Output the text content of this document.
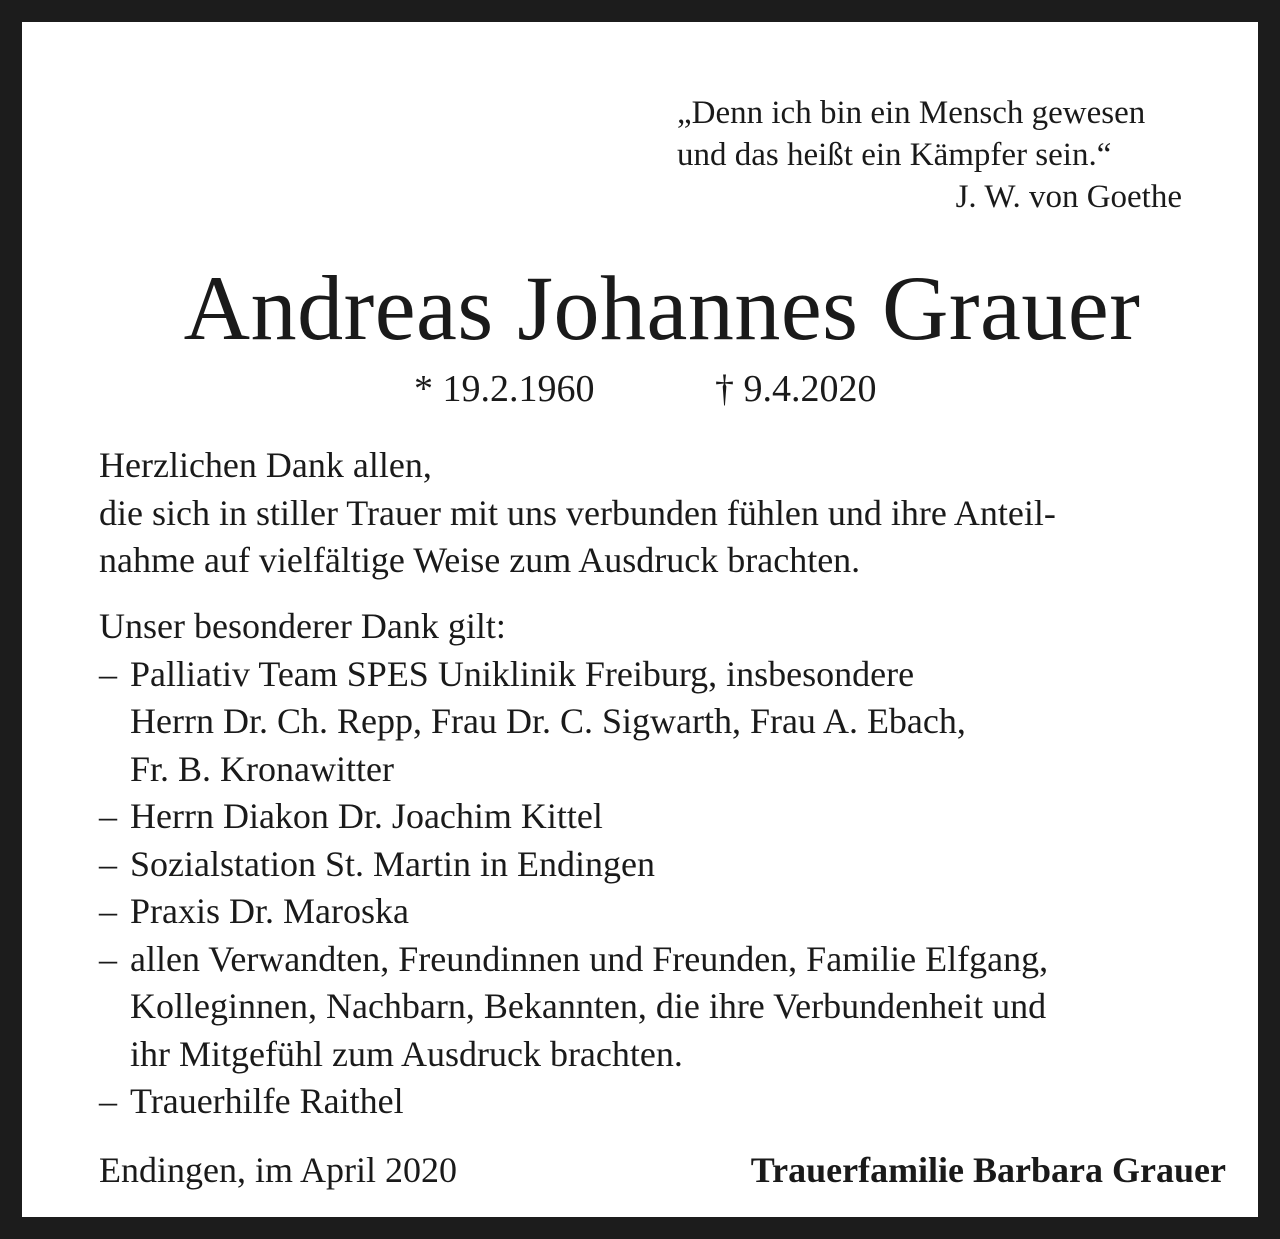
„Denn ich bin ein Mensch gewesen
und das heißt ein Kämpfer sein.“
J. W. von Goethe
Andreas Johannes Grauer
* 19.2.1960	† 9.4.2020
Herzlichen Dank allen,
die sich in stiller Trauer mit uns verbunden fühlen und ihre Anteil-
nahme auf vielfältige Weise zum Ausdruck brachten.
Unser besonderer Dank gilt:
– Palliativ Team SPES Uniklinik Freiburg, insbesondere
Herrn Dr. Ch. Repp, Frau Dr. C. Sigwarth, Frau A. Ebach,
Fr. B. Kronawitter
– Herrn Diakon Dr. Joachim Kittel
– Sozialstation St. Martin in Endingen
– Praxis Dr. Maroska
– allen Verwandten, Freundinnen und Freunden, Familie Elfgang,
Kolleginnen, Nachbarn, Bekannten, die ihre Verbundenheit und
ihr Mitgefühl zum Ausdruck brachten.
– Trauerhilfe Raithel
Endingen, im April 2020	Trauerfamilie Barbara Grauer
